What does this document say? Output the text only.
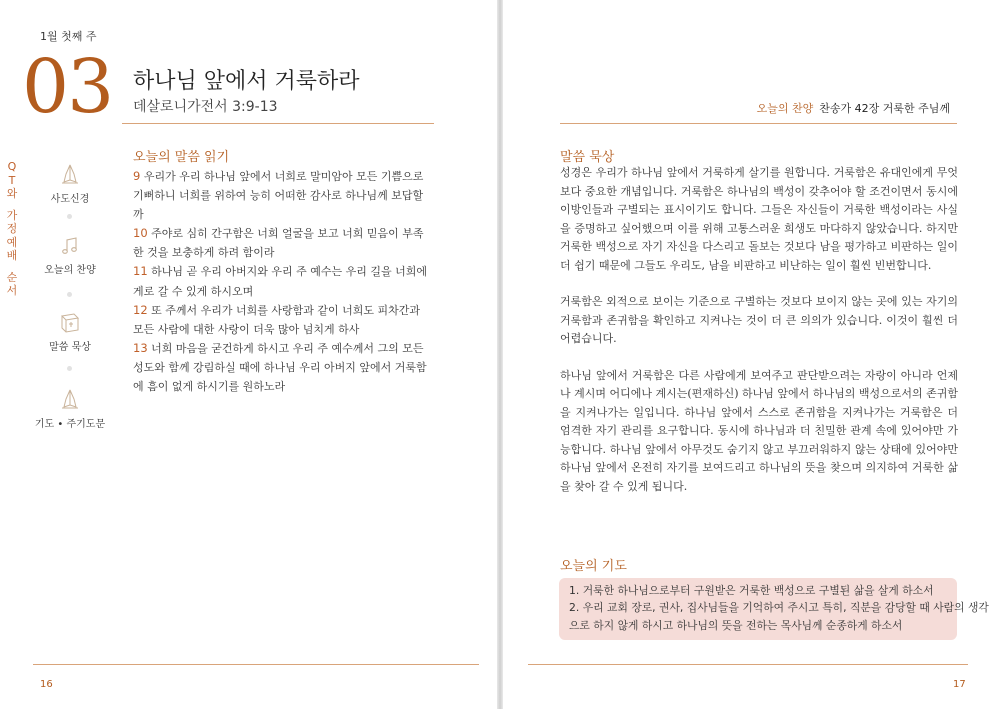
1월 첫째 주
03 하나님 앞에서 거룩하라
데살로니가전서 3:9-13
Q
T
와
가
정
예
배
순
서
사도신경
오늘의 찬양
말씀 묵상
기도 • 주기도문
오늘의 말씀 읽기
9 우리가 우리 하나님 앞에서 너희로 말미암아 모든 기쁨으로 기뻐하니 너희를 위하여 능히 어떠한 감사로 하나님께 보답할까
10 주야로 심히 간구함은 너희 얼굴을 보고 너희 믿음이 부족한 것을 보충하게 하려 함이라
11 하나님 곧 우리 아버지와 우리 주 예수는 우리 길을 너희에게로 갈 수 있게 하시오며
12 또 주께서 우리가 너희를 사랑함과 같이 너희도 피차간과 모든 사람에 대한 사랑이 더욱 많아 넘치게 하사
13 너희 마음을 굳건하게 하시고 우리 주 예수께서 그의 모든 성도와 함께 강림하실 때에 하나님 우리 아버지 앞에서 거룩함에 흠이 없게 하시기를 원하노라
16
오늘의 찬양 찬송가 42장 거룩한 주님께
말씀 묵상

성경은 우리가 하나님 앞에서 거룩하게 살기를 원합니다. 거룩함은 유대인에게 무엇보다 중요한 개념입니다. 거룩함은 하나님의 백성이 갖추어야 할 조건이면서 동시에 이방인들과 구별되는 표시이기도 합니다. 그들은 자신들이 거룩한 백성이라는 사실을 증명하고 싶어했으며 이를 위해 고통스러운 희생도 마다하지 않았습니다. 하지만 거룩한 백성으로 자기 자신을 다스리고 돌보는 것보다 남을 평가하고 비판하는 일이 더 쉽기 때문에 그들도 우리도, 남을 비판하고 비난하는 일이 훨씬 빈번합니다.

거룩함은 외적으로 보이는 기준으로 구별하는 것보다 보이지 않는 곳에 있는 자기의 거룩함과 존귀함을 확인하고 지켜나는 것이 더 큰 의의가 있습니다. 이것이 훨씬 더 어렵습니다.

하나님 앞에서 거룩함은 다른 사람에게 보여주고 판단받으려는 자랑이 아니라 언제나 계시며 어디에나 계시는(편재하신) 하나님 앞에서 하나님의 백성으로서의 존귀함을 지켜나가는 일입니다. 하나님 앞에서 스스로 존귀함을 지켜나가는 거룩함은 더 엄격한 자기 관리를 요구합니다. 동시에 하나님과 더 친밀한 관계 속에 있어야만 가능합니다. 하나님 앞에서 아무것도 숨기지 않고 부끄러워하지 않는 상태에 있어야만 하나님 앞에서 온전히 자기를 보여드리고 하나님의 뜻을 찾으며 의지하여 거룩한 삶을 찾아 갈 수 있게 됩니다.

오늘의 기도
1. 거룩한 하나님으로부터 구원받은 거룩한 백성으로 구별된 삶을 살게 하소서
2. 우리 교회 장로, 권사, 집사님들을 기억하여 주시고 특히, 직분을 감당할 때 사람의 생각
으로 하지 않게 하시고 하나님의 뜻을 전하는 목사님께 순종하게 하소서
17
